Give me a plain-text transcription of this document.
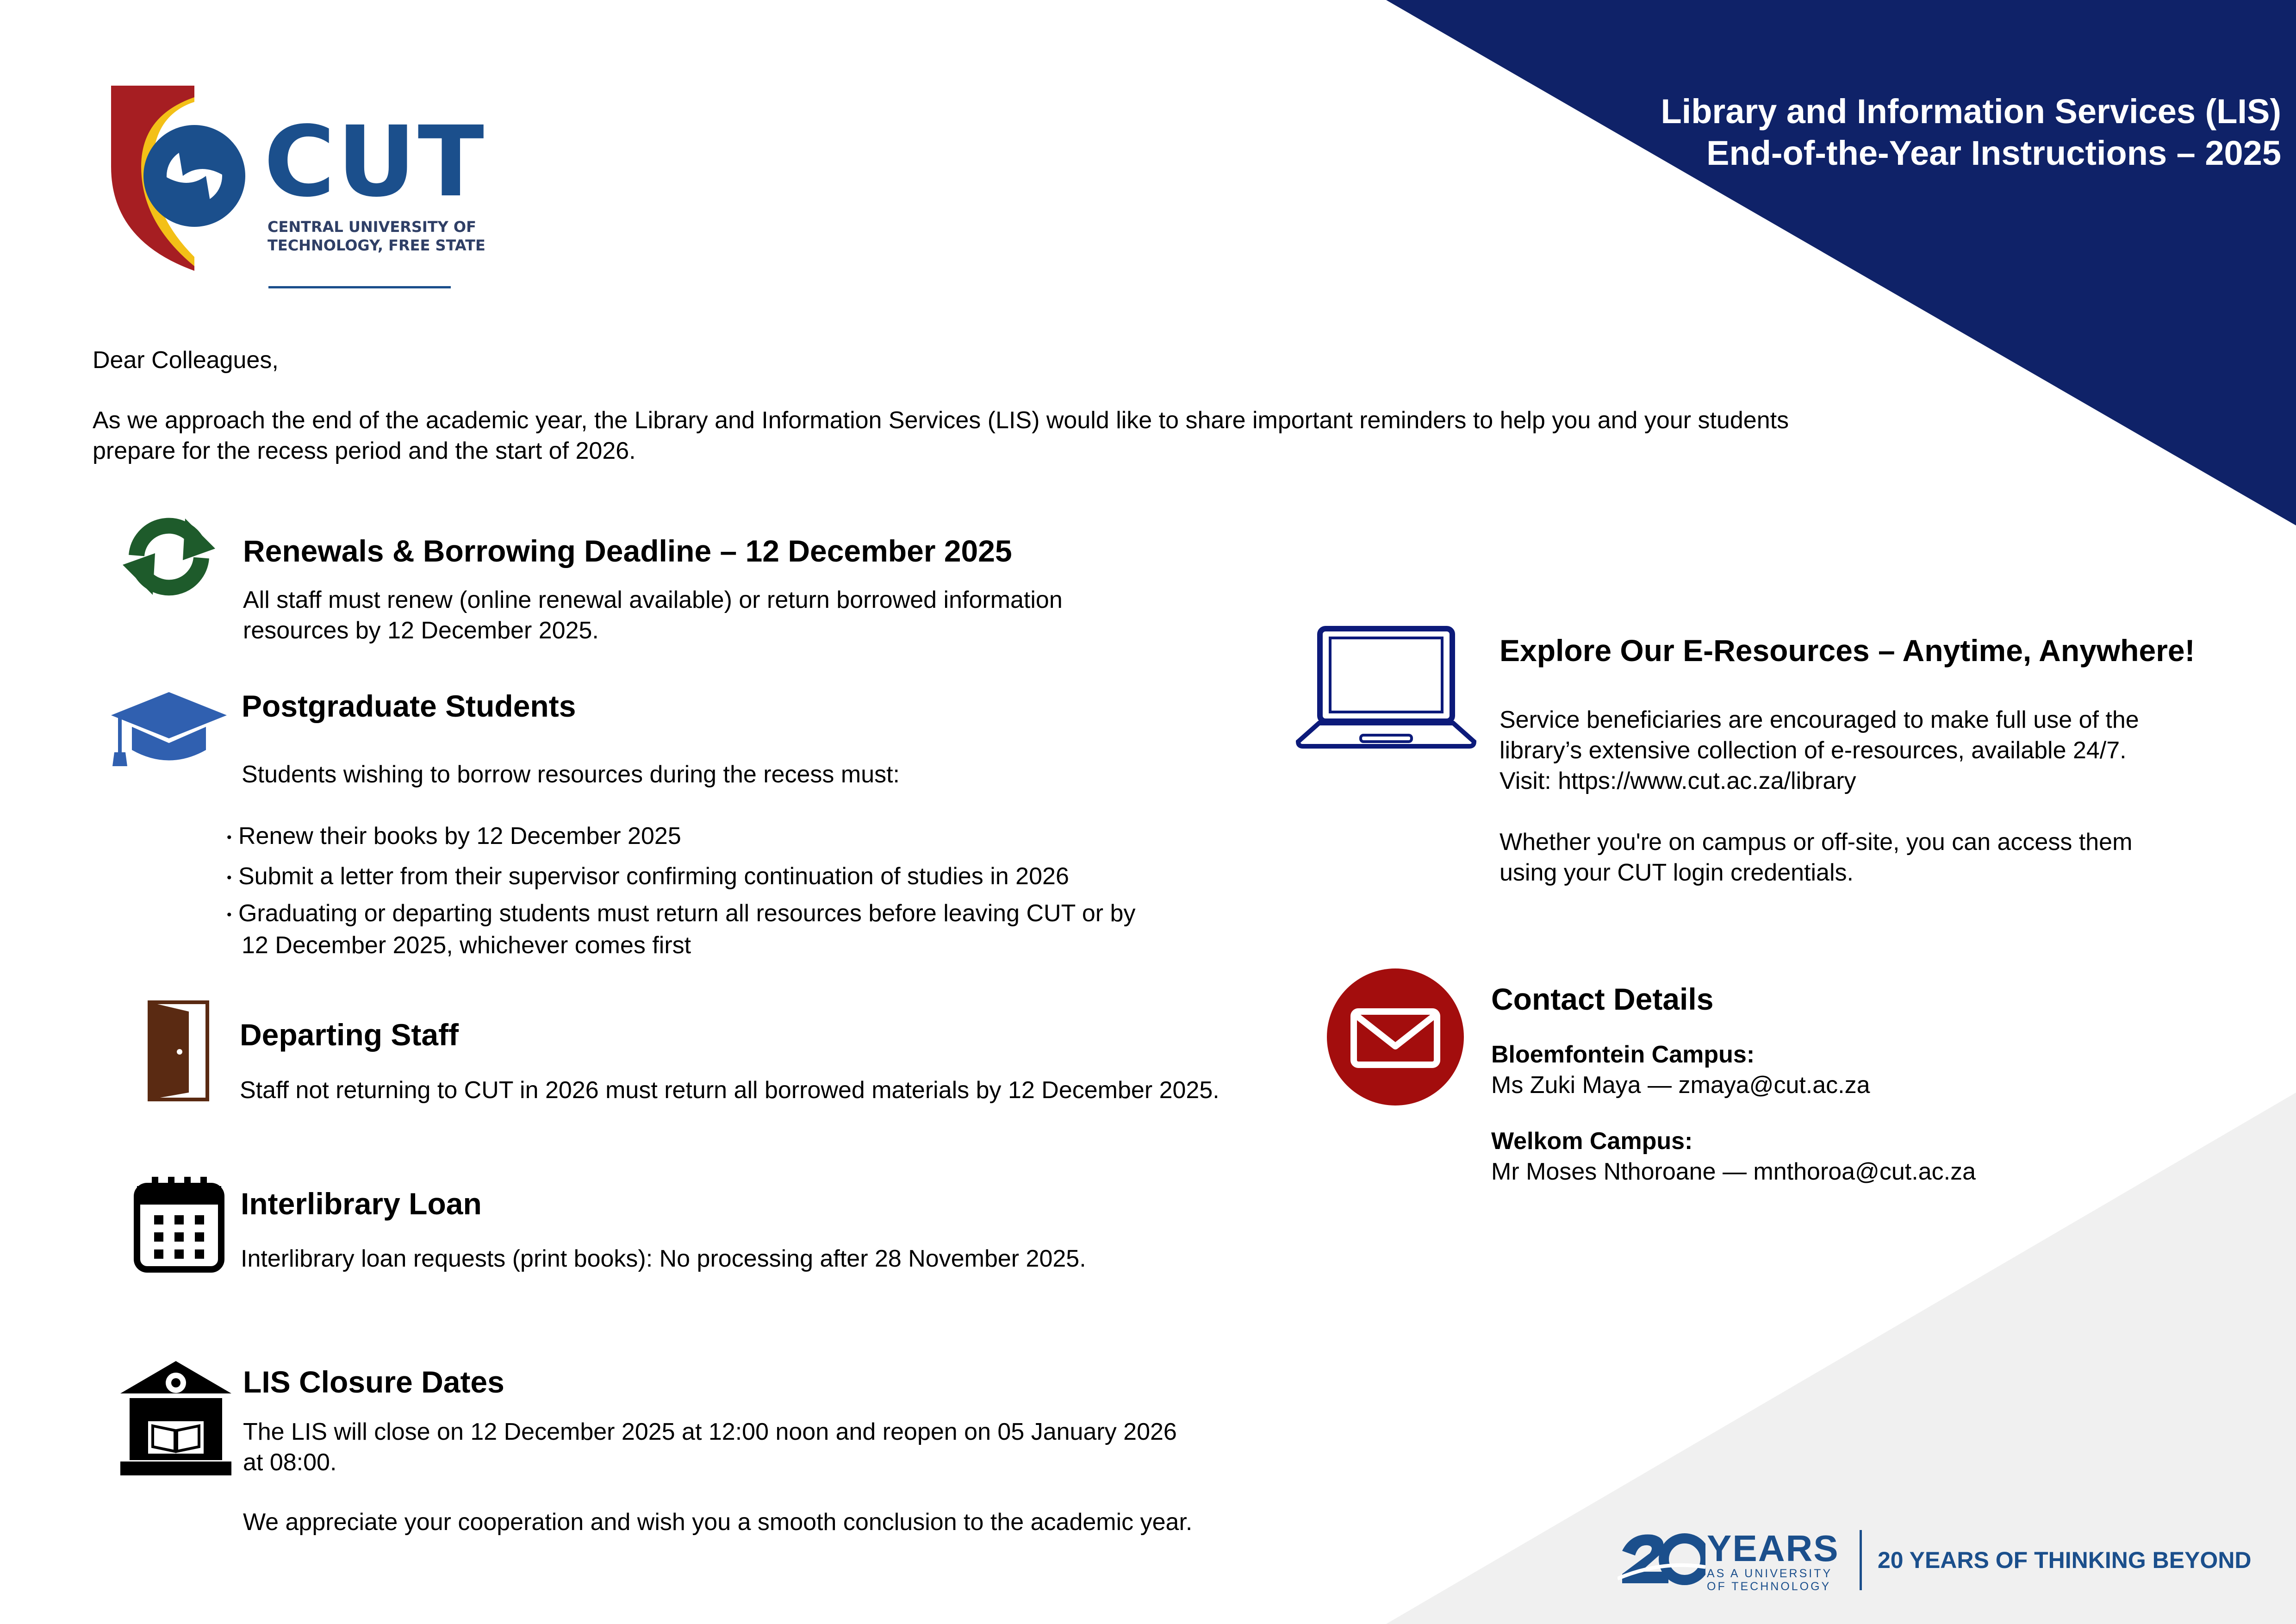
Library and Information Services (LIS)
End-of-the-Year Instructions – 2025
CUT
CENTRAL UNIVERSITY OF
TECHNOLOGY, FREE STATE
Dear Colleagues,
As we approach the end of the academic year, the Library and Information Services (LIS) would like to share important reminders to help you and your students
prepare for the recess period and the start of 2026.
Renewals & Borrowing Deadline – 12 December 2025
All staff must renew (online renewal available) or return borrowed information
resources by 12 December 2025.
Postgraduate Students
Students wishing to borrow resources during the recess must:
• Renew their books by 12 December 2025
• Submit a letter from their supervisor confirming continuation of studies in 2026
• Graduating or departing students must return all resources before leaving CUT or by
12 December 2025, whichever comes first
Departing Staff
Staff not returning to CUT in 2026 must return all borrowed materials by 12 December 2025.
Interlibrary Loan
Interlibrary loan requests (print books): No processing after 28 November 2025.
LIS Closure Dates
The LIS will close on 12 December 2025 at 12:00 noon and reopen on 05 January 2026
at 08:00.
We appreciate your cooperation and wish you a smooth conclusion to the academic year.
Explore Our E-Resources – Anytime, Anywhere!
Service beneficiaries are encouraged to make full use of the
library’s extensive collection of e-resources, available 24/7.
Visit: https://www.cut.ac.za/library
Whether you're on campus or off-site, you can access them
using your CUT login credentials.
Contact Details
Bloemfontein Campus:
Ms Zuki Maya — zmaya@cut.ac.za
Welkom Campus:
Mr Moses Nthoroane — mnthoroa@cut.ac.za
YEARS
AS A UNIVERSITY
OF TECHNOLOGY
20 YEARS OF THINKING BEYOND
